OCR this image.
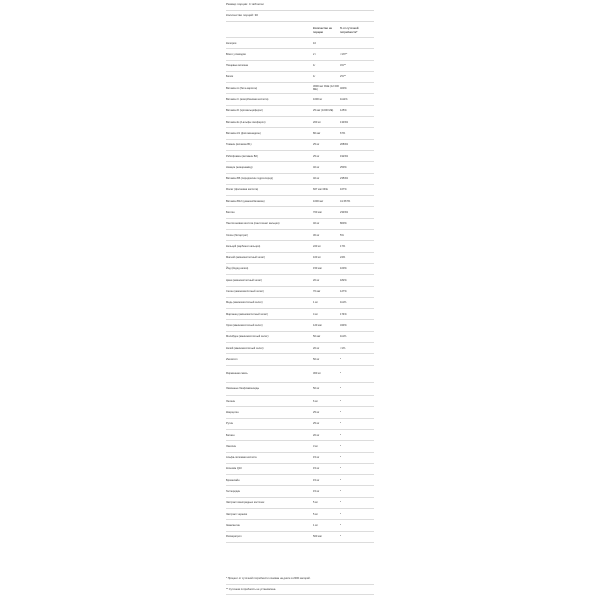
Размер порции: 4 таблетки
Количество порций: 30
	Количество на порцию	% от суточной потребности*
Калории	10	
Всего углеводов	2 г	<1%**
Пищевые волокна	1г	4%**
Белок	1г	2%**
Витамин А (бета-каротин)	3600 мкг RAE (12 000 МЕ)	400%
Витамин С (аскорбиновая кислота)	1000 мг	1111%
Витамин D (эргокальциферол)	25 мкг (1000 МЕ)	125%
Витамин Е (d-альфа-токоферол)	200 мг	1333%
Витамин К1 (фитоменадион)	80 мкг	67%
Тиамин (витамин В1)	25 мг	2083%
Рибофлавин (витамин В2)	25 мг	1923%
Ниацин (ниацинамид)	40 мг	250%
Витамин В6 (пиридоксин гидрохлорид)	40 мг	2353%
Фолат (фолиевая кислота)	667 мкг DFE	167%
Витамин В12 (цианокобаламин)	1000 мкг	41 667%
Биотин	700 мкг	2333%
Пантотеновая кислота (пантотенат кальция)	40 мг	800%
Холин (битартрат)	30 мг	5%
Кальций (карбонат кальция)	220 мг	17%
Магний (аминокислотный хелат)	100 мг	24%
Йод (йодид калия)	150 мкг	100%
Цинк (аминокислотный хелат)	20 мг	182%
Селен (аминокислотный хелат)	70 мкг	127%
Медь (аминокислотный хелат)	1 мг	111%
Марганец (аминокислотный хелат)	4 мг	174%
Хром (аминокислотный хелат)	120 мкг	343%
Молибден (аминокислотный хелат)	50 мкг	111%
Калий (аминокислотный хелат)	20 мг	<1%
Инозитол	50 мг	*
Фирменная смесь	300 мг	*
Лимонные биофлавоноиды	50 мг	*
Лютеин	6 мг	*
Кверцетин	25 мг	*
Рутин	25 мг	*
Бетаин	20 мг	*
Ликопин	3 мг	*
Альфа-липоевая кислота	15 мг	*
Коэнзим Q10	15 мг	*
Бромелайн	15 мг	*
Гесперидин	15 мг	*
Экстракт виноградных косточек	5 мг	*
Экстракт черники	5 мг	*
Зеаксантин	1 мг	*
Ресвератрол	500 мкг	*
* Процент от суточной потребности основан на диете в 2000 калорий.
** Суточная потребность не установлена.
